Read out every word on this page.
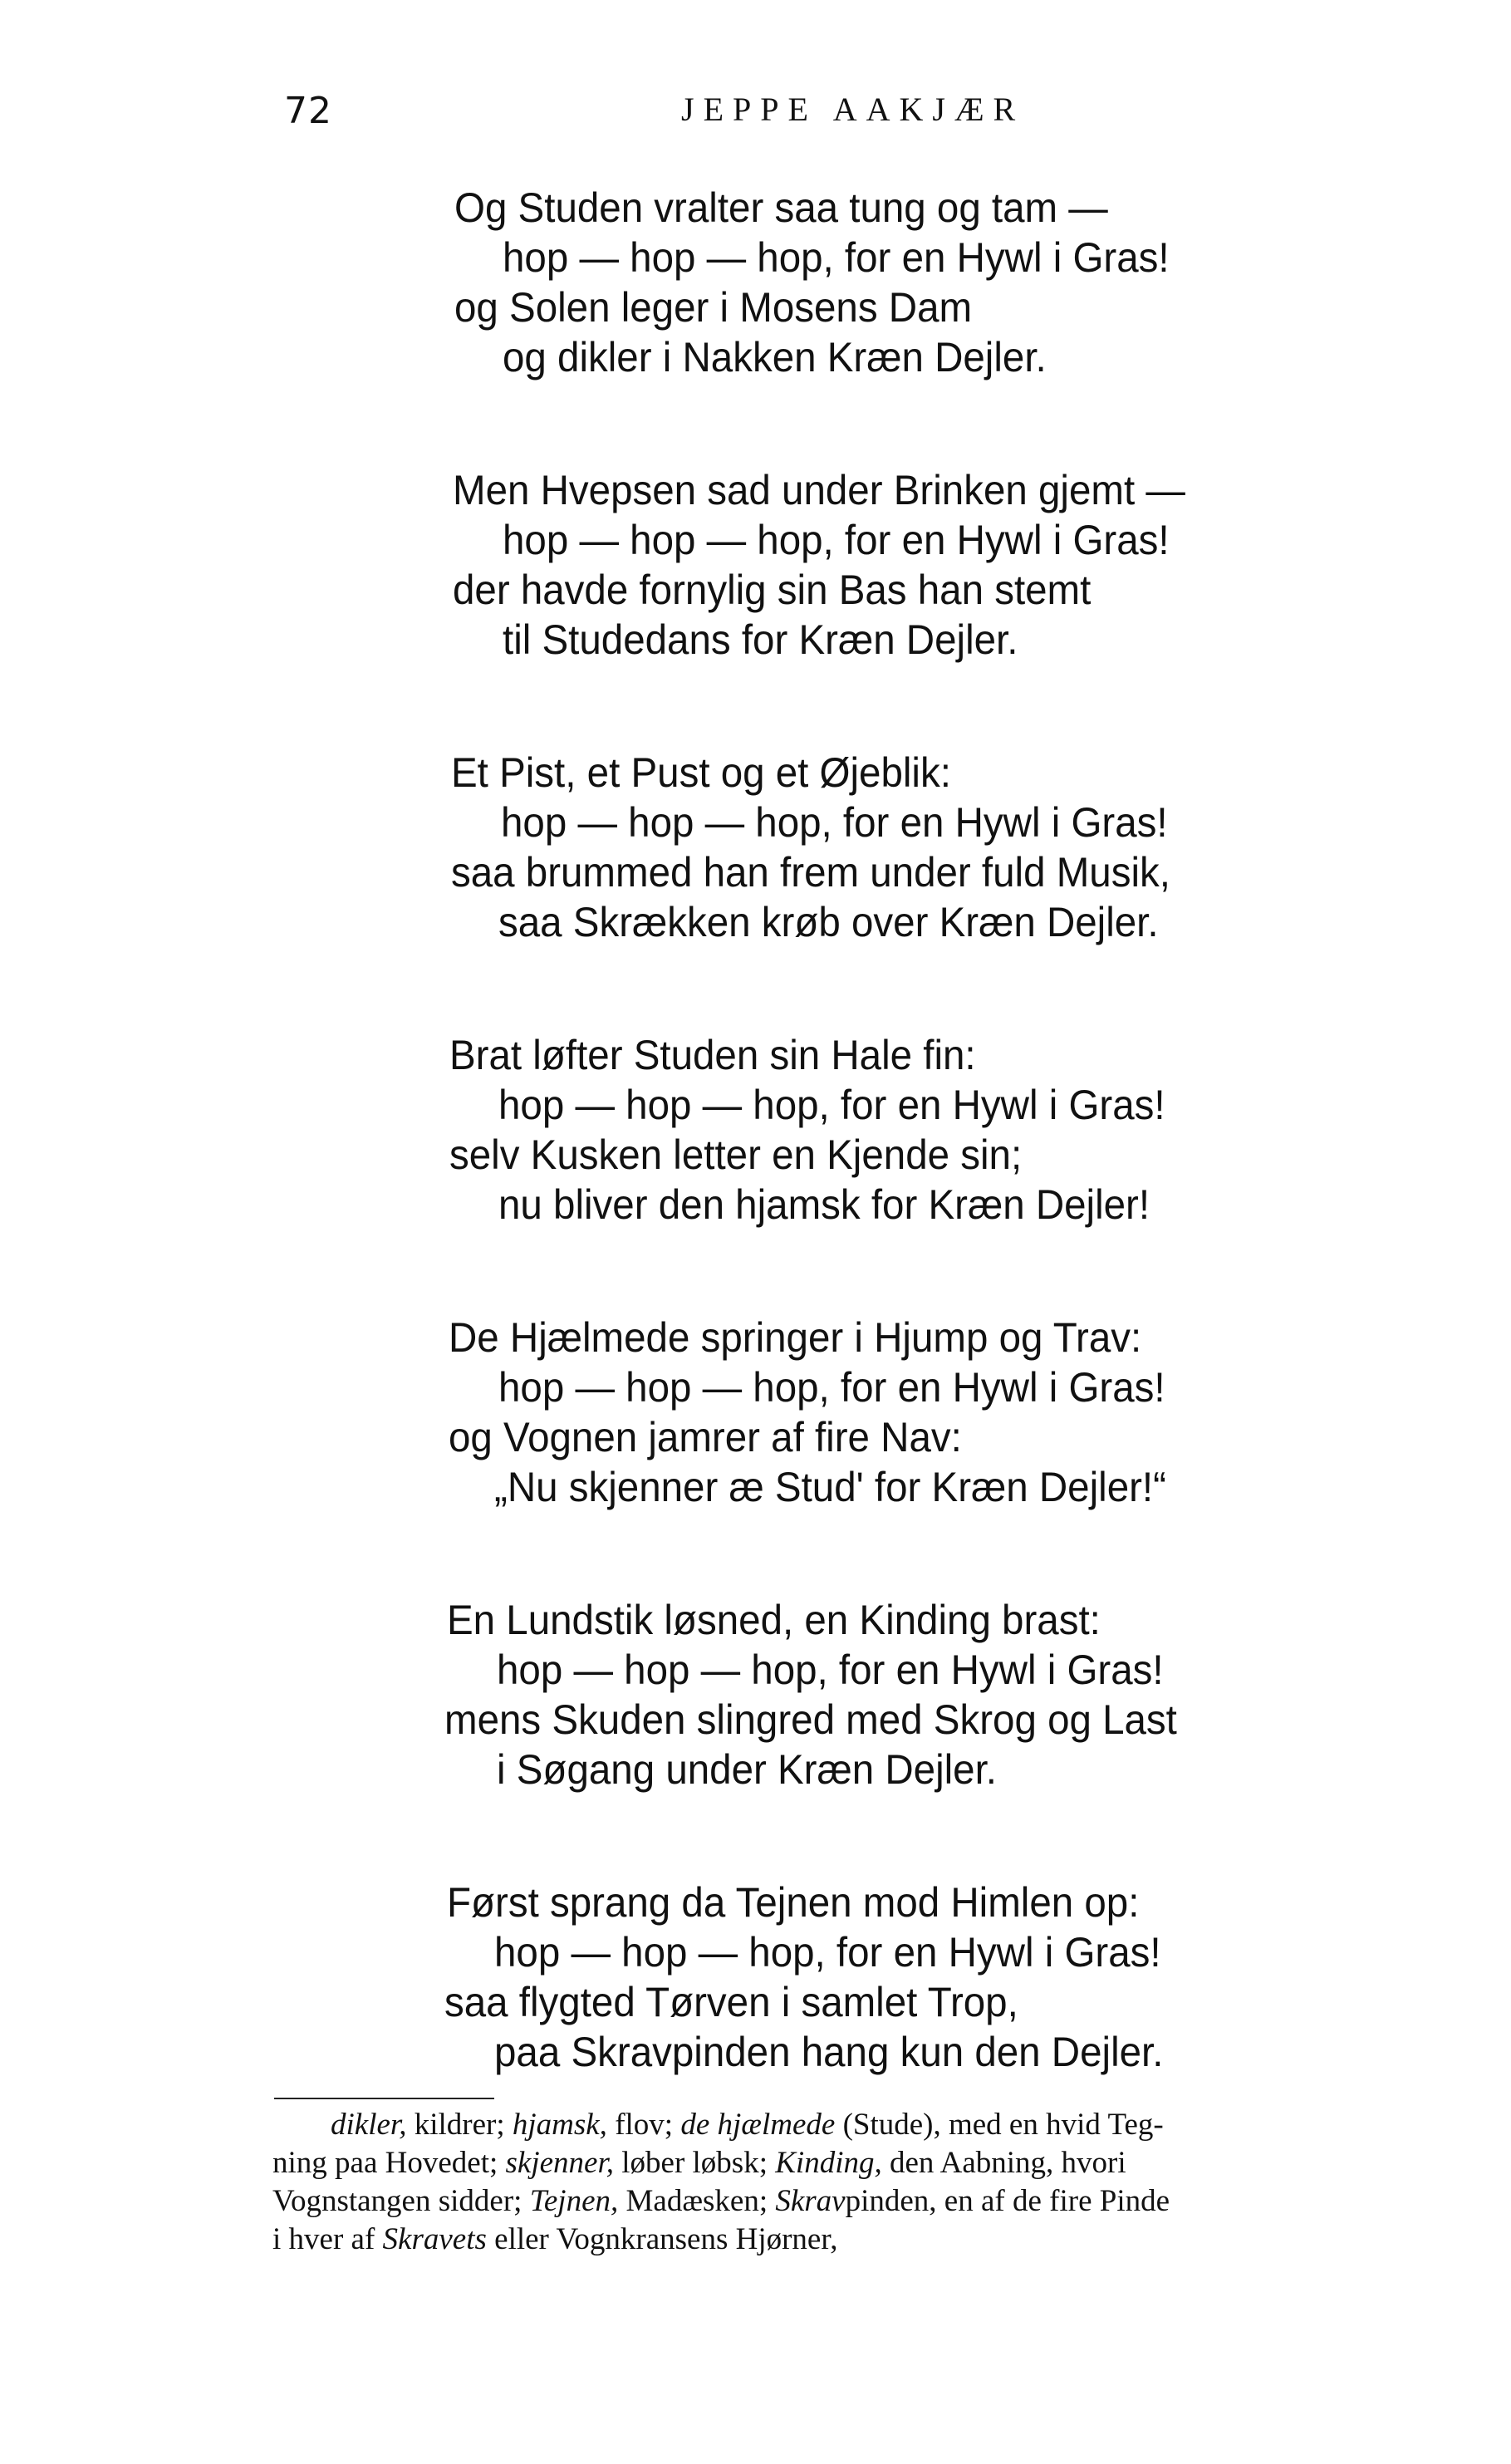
72	JEPPE AAKJÆR
Og Studen vralter saa tung og tam —
hop — hop — hop, for en Hywl i Gras!
og Solen leger i Mosens Dam
og dikler i Nakken Kræn Dejler.
Men Hvepsen sad under Brinken gjemt —
hop — hop — hop, for en Hywl i Gras!
der havde fornylig sin Bas han stemt
til Studedans for Kræn Dejler.
Et Pist, et Pust og et Øjeblik:
hop — hop — hop, for en Hywl i Gras!
saa brummed han frem under fuld Musik,
saa Skrækken krøb over Kræn Dejler.
Brat løfter Studen sin Hale fin:
hop — hop — hop, for en Hywl i Gras!
selv Kusken letter en Kjende sin;
nu bliver den hjamsk for Kræn Dejler!
De Hjælmede springer i Hjump og Trav:
hop — hop — hop, for en Hywl i Gras!
og Vognen jamrer af fire Nav:
„Nu skjenner æ Stud' for Kræn Dejler!“
En Lundstik løsned, en Kinding brast:
hop — hop — hop, for en Hywl i Gras!
mens Skuden slingred med Skrog og Last
i Søgang under Kræn Dejler.
Først sprang da Tejnen mod Himlen op:
hop — hop — hop, for en Hywl i Gras!
saa flygted Tørven i samlet Trop,
paa Skravpinden hang kun den Dejler.
dikler, kildrer; hjamsk, flov; de hjælmede (Stude), med en hvid Teg-
ning paa Hovedet; skjenner, løber løbsk; Kinding, den Aabning, hvori
Vognstangen sidder; Tejnen, Madæsken; Skravpinden, en af de fire Pinde
i hver af Skravets eller Vognkransens Hjørner,
